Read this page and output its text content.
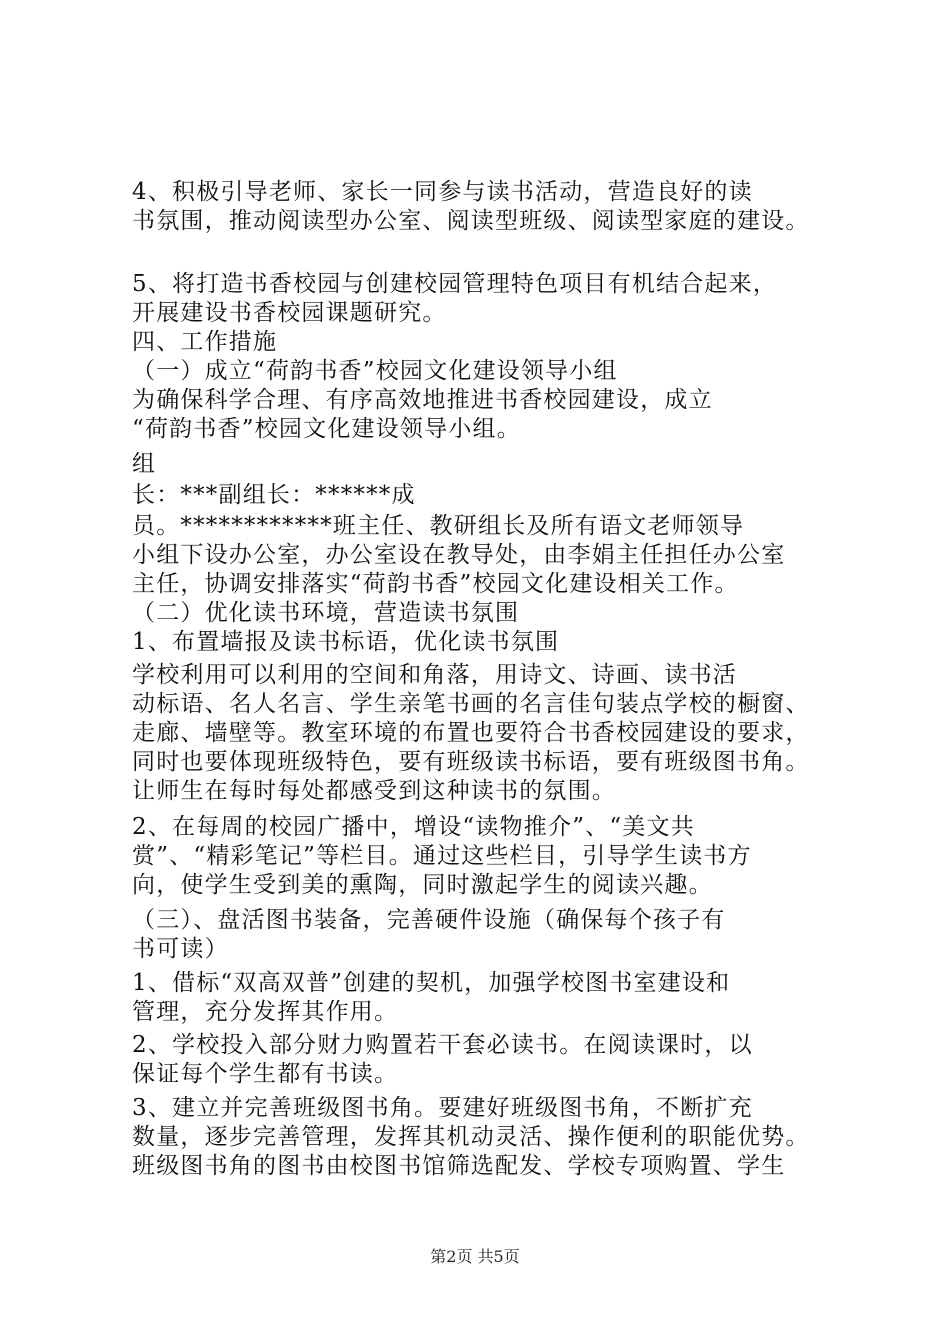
4、积极引导老师、家长一同参与读书活动，营造良好的读
书氛围，推动阅读型办公室、阅读型班级、阅读型家庭的建设。
5、将打造书香校园与创建校园管理特色项目有机结合起来，
开展建设书香校园课题研究。
四、工作措施
（一）成立“荷韵书香”校园文化建设领导小组
为确保科学合理、有序高效地推进书香校园建设，成立
“荷韵书香”校园文化建设领导小组。
组
长：***副组长：******成
员。************班主任、教研组长及所有语文老师领导
小组下设办公室，办公室设在教导处，由李娟主任担任办公室
主任，协调安排落实“荷韵书香”校园文化建设相关工作。
（二）优化读书环境，营造读书氛围
1、布置墙报及读书标语，优化读书氛围
学校利用可以利用的空间和角落，用诗文、诗画、读书活
动标语、名人名言、学生亲笔书画的名言佳句装点学校的橱窗、
走廊、墙壁等。教室环境的布置也要符合书香校园建设的要求，
同时也要体现班级特色，要有班级读书标语，要有班级图书角。
让师生在每时每处都感受到这种读书的氛围。
2、在每周的校园广播中，增设“读物推介”、“美文共
赏”、“精彩笔记”等栏目。通过这些栏目，引导学生读书方
向，使学生受到美的熏陶，同时激起学生的阅读兴趣。
（三）、盘活图书装备，完善硬件设施（确保每个孩子有
书可读）
1、借标“双高双普”创建的契机，加强学校图书室建设和
管理，充分发挥其作用。
2、学校投入部分财力购置若干套必读书。在阅读课时，以
保证每个学生都有书读。
3、建立并完善班级图书角。要建好班级图书角，不断扩充
数量，逐步完善管理，发挥其机动灵活、操作便利的职能优势。
班级图书角的图书由校图书馆筛选配发、学校专项购置、学生
第2页 共5页
